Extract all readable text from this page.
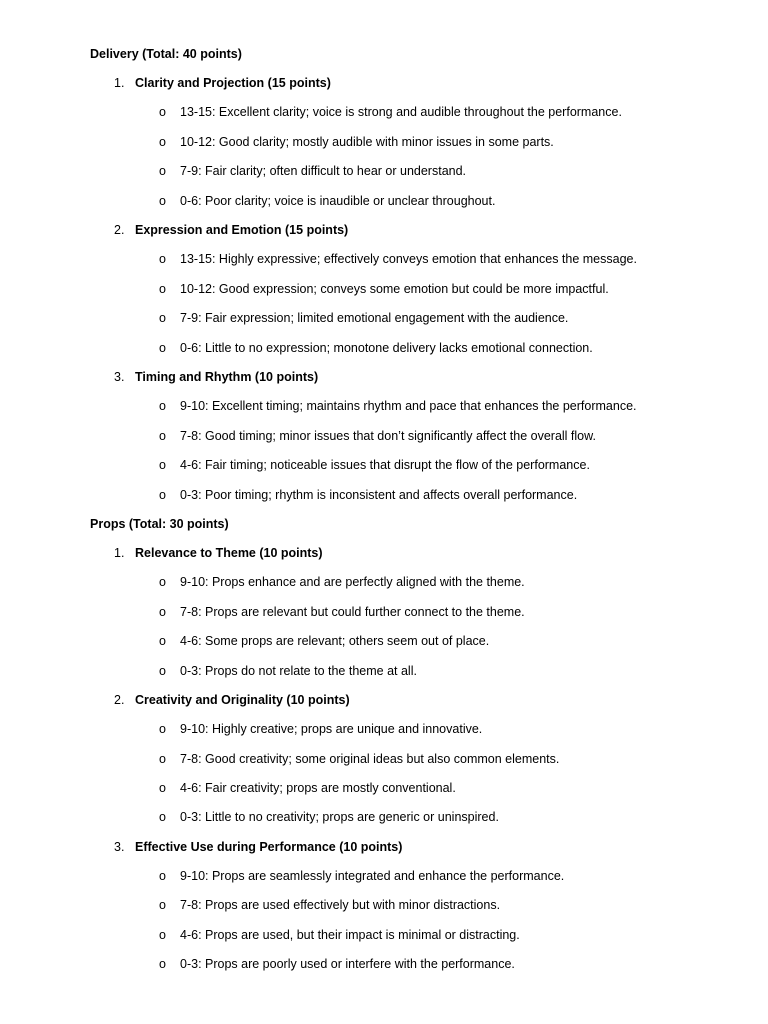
Delivery (Total: 40 points)
1. Clarity and Projection (15 points)
o 13-15: Excellent clarity; voice is strong and audible throughout the performance.
o 10-12: Good clarity; mostly audible with minor issues in some parts.
o 7-9: Fair clarity; often difficult to hear or understand.
o 0-6: Poor clarity; voice is inaudible or unclear throughout.
2. Expression and Emotion (15 points)
o 13-15: Highly expressive; effectively conveys emotion that enhances the message.
o 10-12: Good expression; conveys some emotion but could be more impactful.
o 7-9: Fair expression; limited emotional engagement with the audience.
o 0-6: Little to no expression; monotone delivery lacks emotional connection.
3. Timing and Rhythm (10 points)
o 9-10: Excellent timing; maintains rhythm and pace that enhances the performance.
o 7-8: Good timing; minor issues that don’t significantly affect the overall flow.
o 4-6: Fair timing; noticeable issues that disrupt the flow of the performance.
o 0-3: Poor timing; rhythm is inconsistent and affects overall performance.
Props (Total: 30 points)
1. Relevance to Theme (10 points)
o 9-10: Props enhance and are perfectly aligned with the theme.
o 7-8: Props are relevant but could further connect to the theme.
o 4-6: Some props are relevant; others seem out of place.
o 0-3: Props do not relate to the theme at all.
2. Creativity and Originality (10 points)
o 9-10: Highly creative; props are unique and innovative.
o 7-8: Good creativity; some original ideas but also common elements.
o 4-6: Fair creativity; props are mostly conventional.
o 0-3: Little to no creativity; props are generic or uninspired.
3. Effective Use during Performance (10 points)
o 9-10: Props are seamlessly integrated and enhance the performance.
o 7-8: Props are used effectively but with minor distractions.
o 4-6: Props are used, but their impact is minimal or distracting.
o 0-3: Props are poorly used or interfere with the performance.
